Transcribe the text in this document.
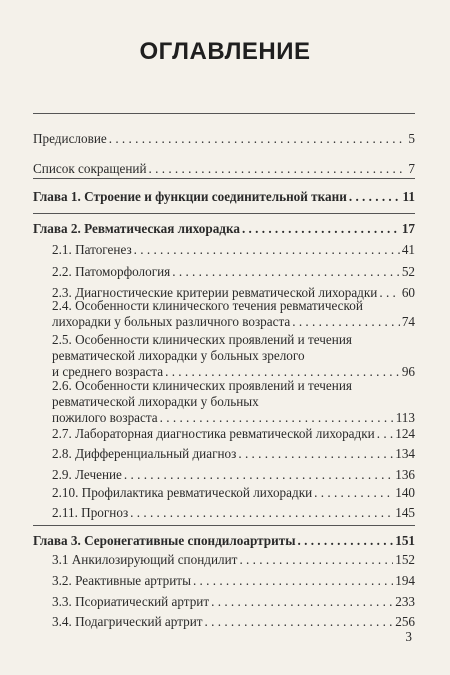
ОГЛАВЛЕНИЕ
Предисловие . . .	5
Список сокращений . . .	7
Глава 1. Строение и функции соединительной ткани . . .	11
Глава 2. Ревматическая лихорадка . . .	17
2.1. Патогенез . . .	41
2.2. Патоморфология . . .	52
2.3. Диагностические критерии ревматической лихорадки . . . 60
2.4. Особенности клинического течения ревматической
лихорадки у больных различного возраста . . .	74
2.5. Особенности клинических проявлений и течения
ревматической лихорадки у больных зрелого
и среднего возраста . . .	96
2.6. Особенности клинических проявлений и течения
ревматической лихорадки у больных
пожилого возраста . . .	113
2.7. Лабораторная диагностика ревматической лихорадки . . . 124
2.8. Дифференциальный диагноз . . .	134
2.9. Лечение . . .	136
2.10. Профилактика ревматической лихорадки . . .	140
2.11. Прогноз . . .	145
Глава 3. Серонегативные спондилоартриты . . .	151
3.1 Анкилозирующий спондилит . . .	152
3.2. Реактивные артриты . . .	194
3.3. Псориатический артрит . . .	233
3.4. Подагрический артрит . . .	256
3
